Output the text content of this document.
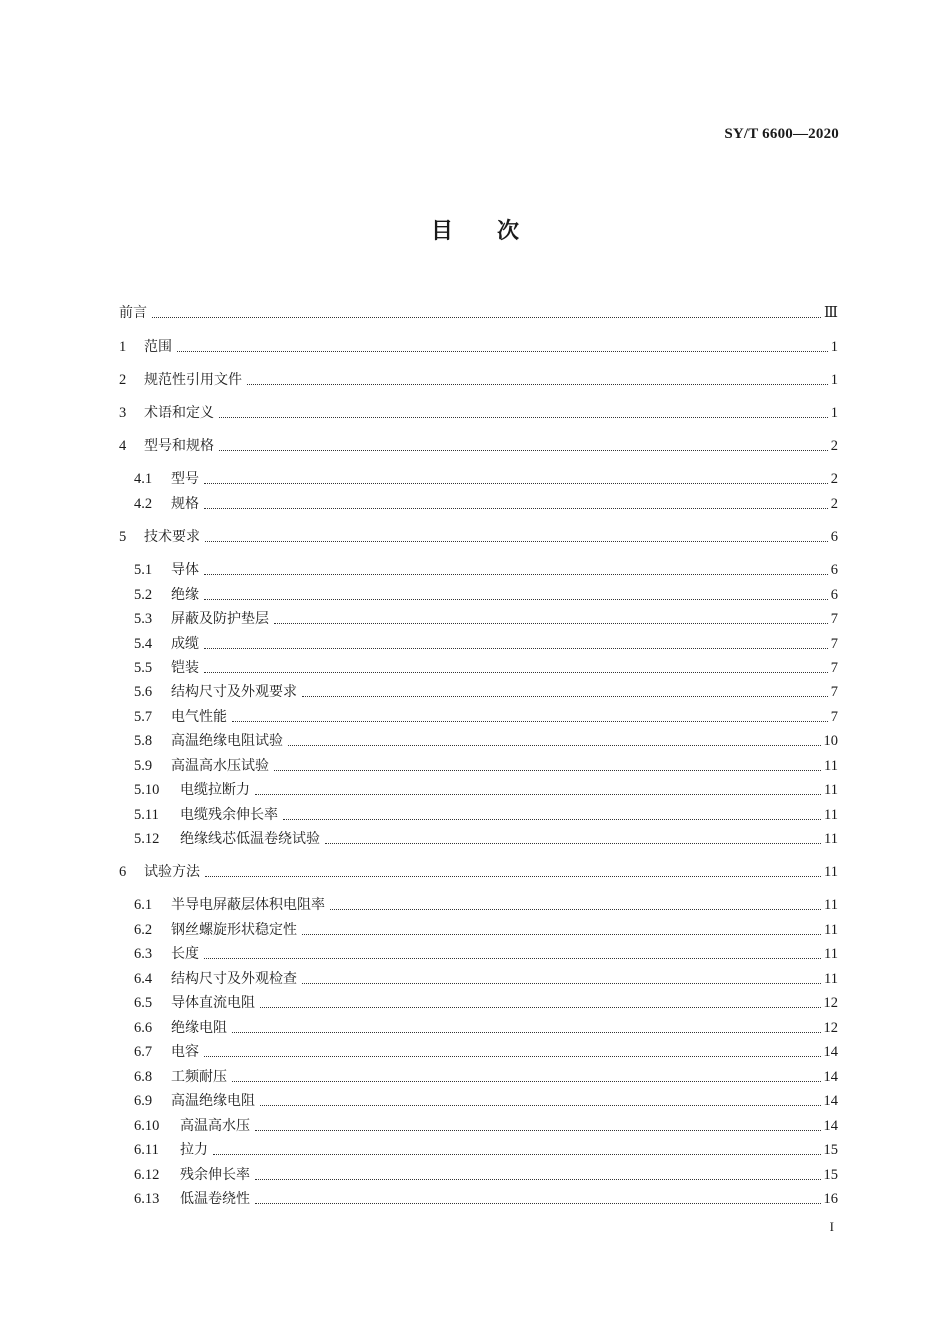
SY/T 6600—2020
目次
前言	Ⅲ
1	范围	1
2	规范性引用文件	1
3	术语和定义	1
4	型号和规格	2
4.1	型号	2
4.2	规格	2
5	技术要求	6
5.1	导体	6
5.2	绝缘	6
5.3	屏蔽及防护垫层	7
5.4	成缆	7
5.5	铠装	7
5.6	结构尺寸及外观要求	7
5.7	电气性能	7
5.8	高温绝缘电阻试验	10
5.9	高温高水压试验	11
5.10	电缆拉断力	11
5.11	电缆残余伸长率	11
5.12	绝缘线芯低温卷绕试验	11
6	试验方法	11
6.1	半导电屏蔽层体积电阻率	11
6.2	钢丝螺旋形状稳定性	11
6.3	长度	11
6.4	结构尺寸及外观检查	11
6.5	导体直流电阻	12
6.6	绝缘电阻	12
6.7	电容	14
6.8	工频耐压	14
6.9	高温绝缘电阻	14
6.10	高温高水压	14
6.11	拉力	15
6.12	残余伸长率	15
6.13	低温卷绕性	16
I
